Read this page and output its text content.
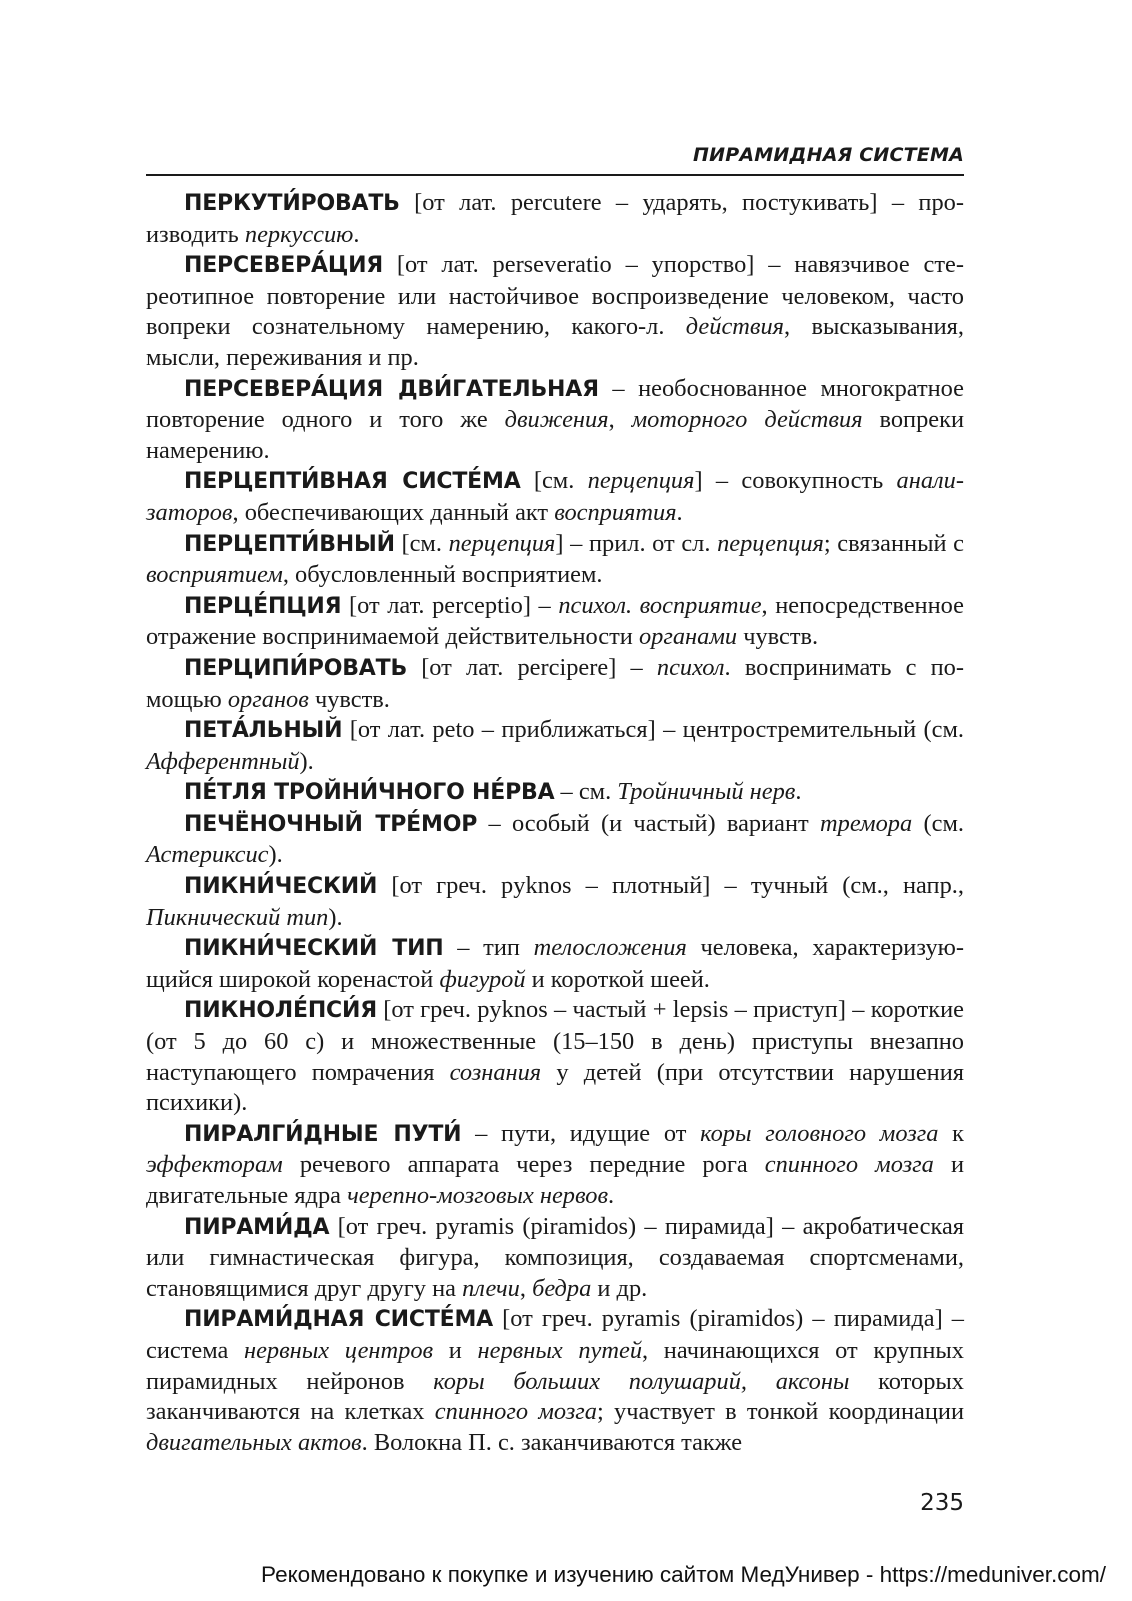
ПИРАМИДНАЯ СИСТЕМА

ПЕРКУТИ́РОВАТЬ [от лат. percutere – ударять, постукивать] – производить перкуссию.

ПЕРСЕВЕРА́ЦИЯ [от лат. perseveratio – упорство] – навязчивое стереотипное повторение или настойчивое воспроизведение человеком, часто вопреки сознательному намерению, какого-л. действия, высказывания, мысли, переживания и пр.

ПЕРСЕВЕРА́ЦИЯ ДВИ́ГАТЕЛЬНАЯ – необоснованное многократное повторение одного и того же движения, моторного действия вопреки намерению.

ПЕРЦЕПТИ́ВНАЯ СИСТЕ́МА [см. перцепция] – совокупность анализаторов, обеспечивающих данный акт восприятия.

ПЕРЦЕПТИ́ВНЫЙ [см. перцепция] – прил. от сл. перцепция; связанный с восприятием, обусловленный восприятием.

ПЕРЦЕ́ПЦИЯ [от лат. perceptio] – психол. восприятие, непосредственное отражение воспринимаемой действительности органами чувств.

ПЕРЦИПИ́РОВАТЬ [от лат. percipere] – психол. воспринимать с помощью органов чувств.

ПЕТА́ЛЬНЫЙ [от лат. peto – приближаться] – центростремительный (см. Афферентный).

ПЕ́ТЛЯ ТРОЙНИ́ЧНОГО НЕ́РВА – см. Тройничный нерв.

ПЕЧЁНОЧНЫЙ ТРЕ́МОР – особый (и частый) вариант тремора (см. Астериксис).

ПИКНИ́ЧЕСКИЙ [от греч. pyknos – плотный] – тучный (см., напр., Пикнический тип).

ПИКНИ́ЧЕСКИЙ ТИП – тип телосложения человека, характеризующийся широкой коренастой фигурой и короткой шеей.

ПИКНОЛЕ́ПСИ́Я [от греч. pyknos – частый + lepsis – приступ] – короткие (от 5 до 60 с) и множественные (15–150 в день) приступы внезапно наступающего помрачения сознания у детей (при отсутствии нарушения психики).

ПИРАЛГИ́ДНЫЕ ПУТИ́ – пути, идущие от коры головного мозга к эффекторам речевого аппарата через передние рога спинного мозга и двигательные ядра черепно-мозговых нервов.

ПИРАМИ́ДА [от греч. pyramis (piramidos) – пирамида] – акробатическая или гимнастическая фигура, композиция, создаваемая спортсменами, становящимися друг другу на плечи, бедра и др.

ПИРАМИ́ДНАЯ СИСТЕ́МА [от греч. pyramis (piramidos) – пирамида] – система нервных центров и нервных путей, начинающихся от крупных пирамидных нейронов коры больших полушарий, аксоны которых заканчиваются на клетках спинного мозга; участвует в тонкой координации двигательных актов. Волокна П. с. заканчиваются также

235
Рекомендовано к покупке и изучению сайтом МедУнивер - https://meduniver.com/
